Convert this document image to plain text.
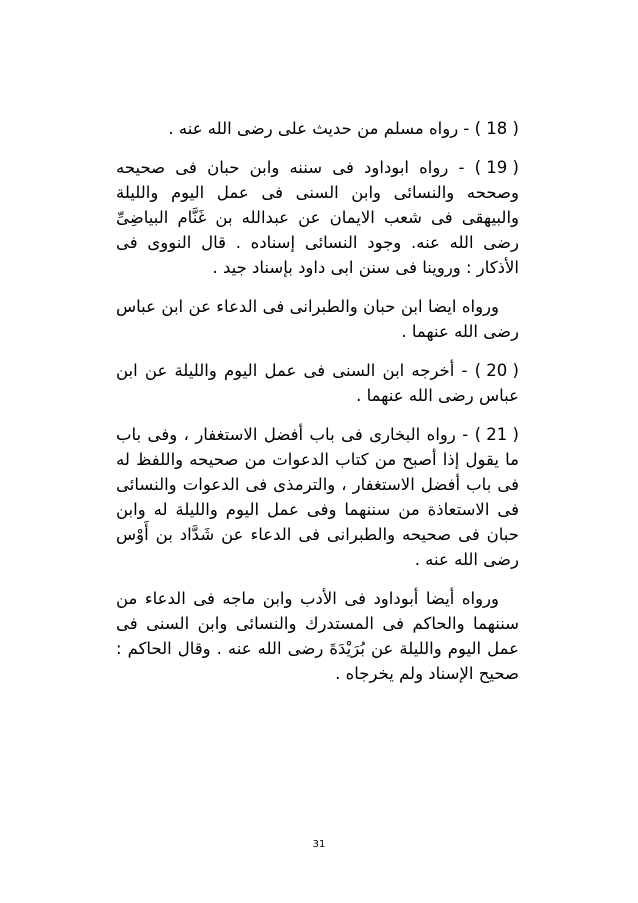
( 18 ) - رواه مسلم من حديث على رضى الله عنه .

( 19 ) - رواه ابوداود فى سننه وابن حبان فى صحيحه وصححه والنسائى وابن السنى فى عمل اليوم والليلة والبيهقى فى شعب الايمان عن عبدالله بن غَنَّام البياضِىِّ رضى الله عنه. وجود النسائى إسناده . قال النووى فى الأذكار : وروينا فى سنن ابى داود بإسناد جيد .

ورواه ايضا ابن حبان والطبرانى فى الدعاء عن ابن عباس رضى الله عنهما .

( 20 ) - أخرجه ابن السنى فى عمل اليوم والليلة عن ابن عباس رضى الله عنهما .

( 21 ) - رواه البخارى فى باب أفضل الاستغفار ، وفى باب ما يقول إذا أصبح من كتاب الدعوات من صحيحه واللفظ له فى باب أفضل الاستغفار ، والترمذى فى الدعوات والنسائى فى الاستعاذة من سننهما وفى عمل اليوم والليلة له وابن حبان فى صحيحه والطبرانى فى الدعاء عن شَدَّاد بن أَوْس رضى الله عنه .

ورواه أيضا أبوداود فى الأدب وابن ماجه فى الدعاء من سننهما والحاكم فى المستدرك والنسائى وابن السنى فى عمل اليوم والليلة عن بُرَيْدَةَ رضى الله عنه . وقال الحاكم : صحيح الإسناد ولم يخرجاه .

31
